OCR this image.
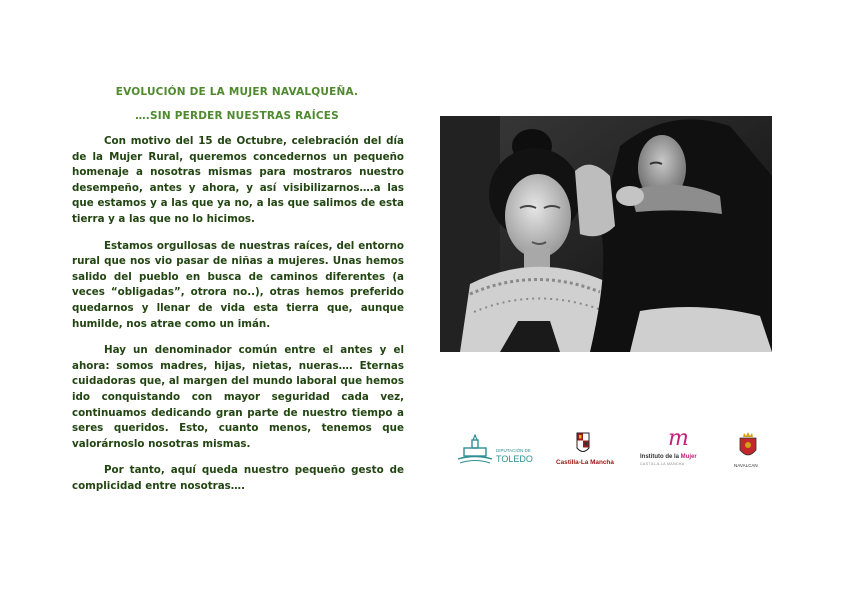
EVOLUCIÓN DE LA MUJER NAVALQUEÑA.
….SIN PERDER NUESTRAS RAÍCES

Con motivo del 15 de Octubre, celebración del día de la Mujer Rural, queremos concedernos un pequeño homenaje a nosotras mismas para mostraros nuestro desempeño, antes y ahora, y así visibilizarnos….a las que estamos y a las que ya no, a las que salimos de esta tierra y a las que no lo hicimos.

Estamos orgullosas de nuestras raíces, del entorno rural que nos vio pasar de niñas a mujeres. Unas hemos salido del pueblo en busca de caminos diferentes (a veces “obligadas”, otrora no..), otras hemos preferido quedarnos y llenar de vida esta tierra que, aunque humilde, nos atrae como un imán.

Hay un denominador común entre el antes y el ahora: somos madres, hijas, nietas, nueras…. Eternas cuidadoras que, al margen del mundo laboral que hemos ido conquistando con mayor seguridad cada vez, continuamos dedicando gran parte de nuestro tiempo a seres queridos. Esto, cuanto menos, tenemos que valorárnoslo nosotras mismas.

Por tanto, aquí queda nuestro pequeño gesto de complicidad entre nosotras….

DIPUTACIÓN DE
TOLEDO	Castilla-La Mancha
m
Instituto de la Mujer
CASTILLA-LA MANCHA	NAVALCAN
